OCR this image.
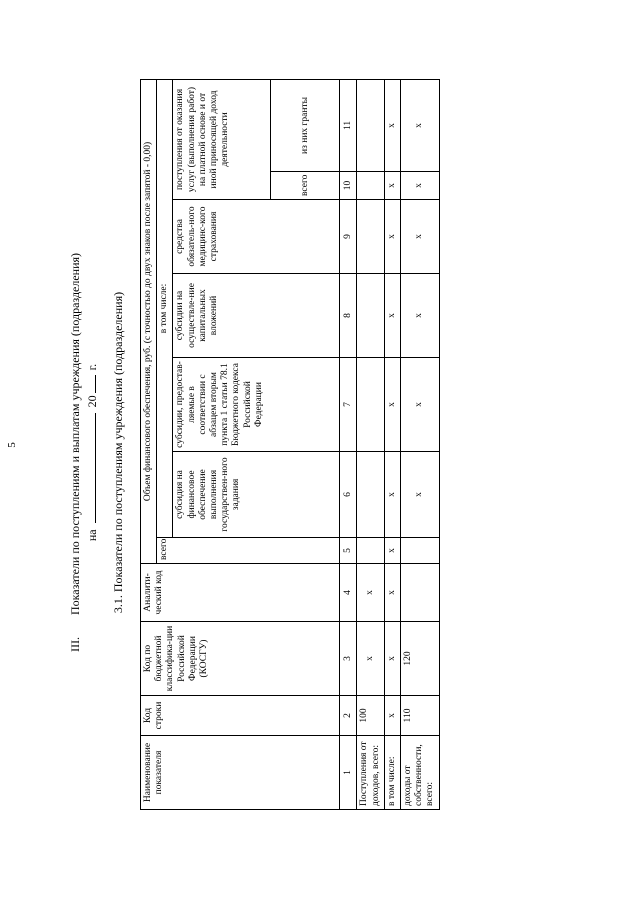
5
III.Показатели по поступлениям и выплатам учреждения (подразделения) на  20 г. 3.1. Показатели по поступлениям учреждения (подразделения)
Наименование показателя	Код строки	Код по бюджетной классифика-ции Российской Федерации (КОСГУ)	Аналити-ческий код	Объем финансового обеспечения, руб. (с точностью до двух знаков после запятой - 0,00)						
				всего	в том числе:					
					субсидия на финансовое обеспечение выполнения государствен-ного задания	субсидии, предостав-ляемые в соответствии с абзацем вторым пункта 1 статьи 78.1 Бюджетного кодекса Российской Федерации	субсидии на осуществле-ние капитальных вложений	средства обязатель-ного медицинс-кого страхования	поступления от оказания услуг (выполнения работ) на платной основе и от иной приносящей доход деятельности	
									всего	из них гранты
1	2	3	4	5	6	7	8	9	10	11
Поступления от доходов, всего:	100	x	x							
в том числе:	x	x	x	x	x	x	x	x	x	x
доходы от собственности, всего:	110	120			x	x	x	x	x	x
